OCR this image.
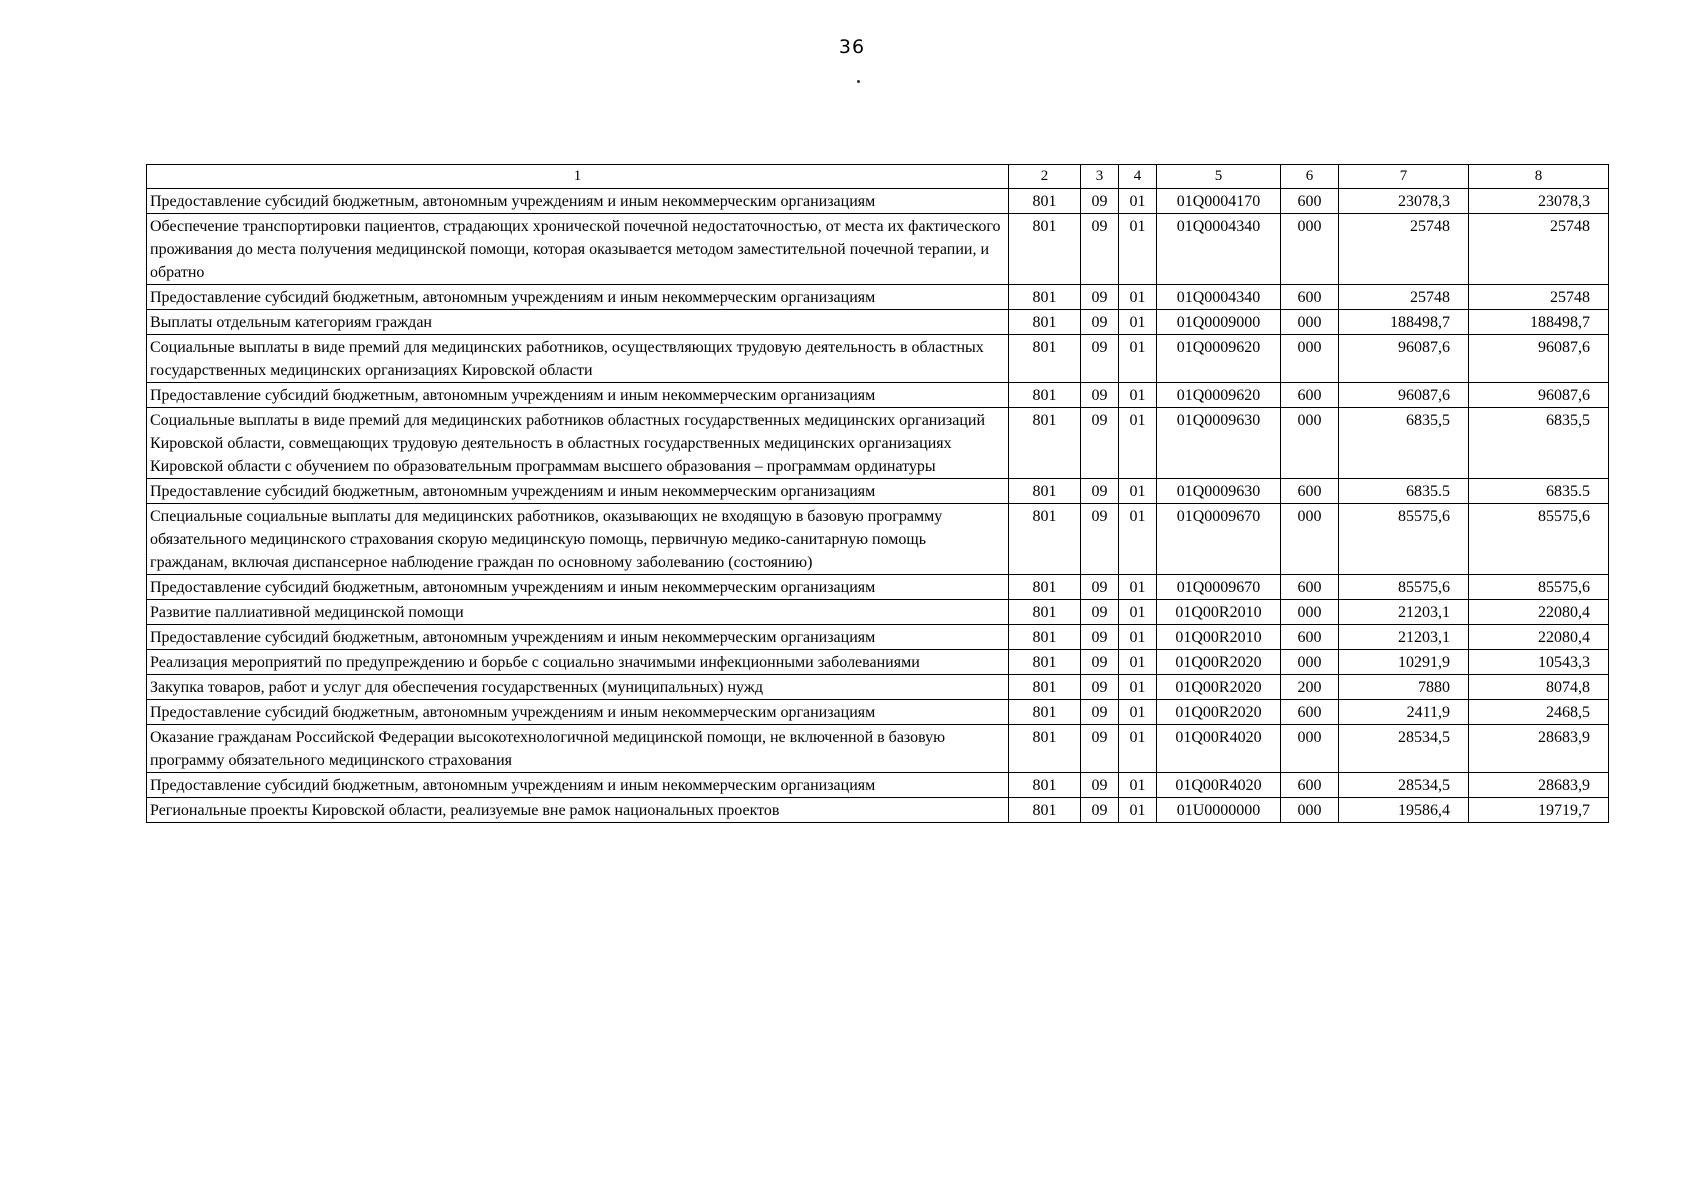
36
1	2	3	4	5	6	7	8
Предоставление субсидий бюджетным, автономным учреждениям и иным некоммерческим организациям	801	09	01	01Q0004170	600	23078,3	23078,3
Обеспечение транспортировки пациентов, страдающих хронической почечной недостаточностью, от места их фактического проживания до места получения медицинской помощи, которая оказывается методом заместительной почечной терапии, и обратно	801	09	01	01Q0004340	000	25748	25748
Предоставление субсидий бюджетным, автономным учреждениям и иным некоммерческим организациям	801	09	01	01Q0004340	600	25748	25748
Выплаты отдельным категориям граждан	801	09	01	01Q0009000	000	188498,7	188498,7
Социальные выплаты в виде премий для медицинских работников, осуществляющих трудовую деятельность в областных государственных медицинских организациях Кировской области	801	09	01	01Q0009620	000	96087,6	96087,6
Предоставление субсидий бюджетным, автономным учреждениям и иным некоммерческим организациям	801	09	01	01Q0009620	600	96087,6	96087,6
Социальные выплаты в виде премий для медицинских работников областных государственных медицинских организаций Кировской области, совмещающих трудовую деятельность в областных государственных медицинских организациях Кировской области с обучением по образовательным программам высшего образования – программам ординатуры	801	09	01	01Q0009630	000	6835,5	6835,5
Предоставление субсидий бюджетным, автономным учреждениям и иным некоммерческим организациям	801	09	01	01Q0009630	600	6835.5	6835.5
Специальные социальные выплаты для медицинских работников, оказывающих не входящую в базовую программу обязательного медицинского страхования скорую медицинскую помощь, первичную медико-санитарную помощь гражданам, включая диспансерное наблюдение граждан по основному заболеванию (состоянию)	801	09	01	01Q0009670	000	85575,6	85575,6
Предоставление субсидий бюджетным, автономным учреждениям и иным некоммерческим организациям	801	09	01	01Q0009670	600	85575,6	85575,6
Развитие паллиативной медицинской помощи	801	09	01	01Q00R2010	000	21203,1	22080,4
Предоставление субсидий бюджетным, автономным учреждениям и иным некоммерческим организациям	801	09	01	01Q00R2010	600	21203,1	22080,4
Реализация мероприятий по предупреждению и борьбе с социально значимыми инфекционными заболеваниями	801	09	01	01Q00R2020	000	10291,9	10543,3
Закупка товаров, работ и услуг для обеспечения государственных (муниципальных) нужд	801	09	01	01Q00R2020	200	7880	8074,8
Предоставление субсидий бюджетным, автономным учреждениям и иным некоммерческим организациям	801	09	01	01Q00R2020	600	2411,9	2468,5
Оказание гражданам Российской Федерации высокотехнологичной медицинской помощи, не включенной в базовую программу обязательного медицинского страхования	801	09	01	01Q00R4020	000	28534,5	28683,9
Предоставление субсидий бюджетным, автономным учреждениям и иным некоммерческим организациям	801	09	01	01Q00R4020	600	28534,5	28683,9
Региональные проекты Кировской области, реализуемые вне рамок национальных проектов	801	09	01	01U0000000	000	19586,4	19719,7
